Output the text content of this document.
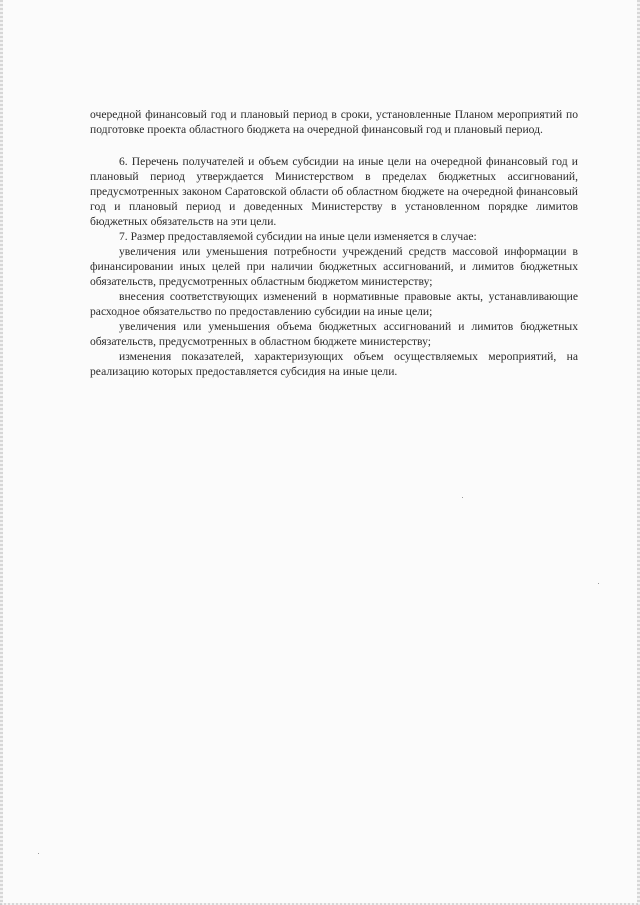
очередной финансовый год и плановый период в сроки, установленные Планом мероприятий по подготовке проекта областного бюджета на очередной финансовый год и плановый период.

6. Перечень получателей и объем субсидии на иные цели на очередной финансовый год и плановый период утверждается Министерством в пределах бюджетных ассигнований, предусмотренных законом Саратовской области об областном бюджете на очередной финансовый год и плановый период и доведенных Министерству в установленном порядке лимитов бюджетных обязательств на эти цели.

7. Размер предоставляемой субсидии на иные цели изменяется в случае:

увеличения или уменьшения потребности учреждений средств массовой информации в финансировании иных целей при наличии бюджетных ассигнований, и лимитов бюджетных обязательств, предусмотренных областным бюджетом министерству;

внесения соответствующих изменений в нормативные правовые акты, устанавливающие расходное обязательство по предоставлению субсидии на иные цели;

увеличения или уменьшения объема бюджетных ассигнований и лимитов бюджетных обязательств, предусмотренных в областном бюджете министерству;

изменения показателей, характеризующих объем осуществляемых мероприятий, на реализацию которых предоставляется субсидия на иные цели.
